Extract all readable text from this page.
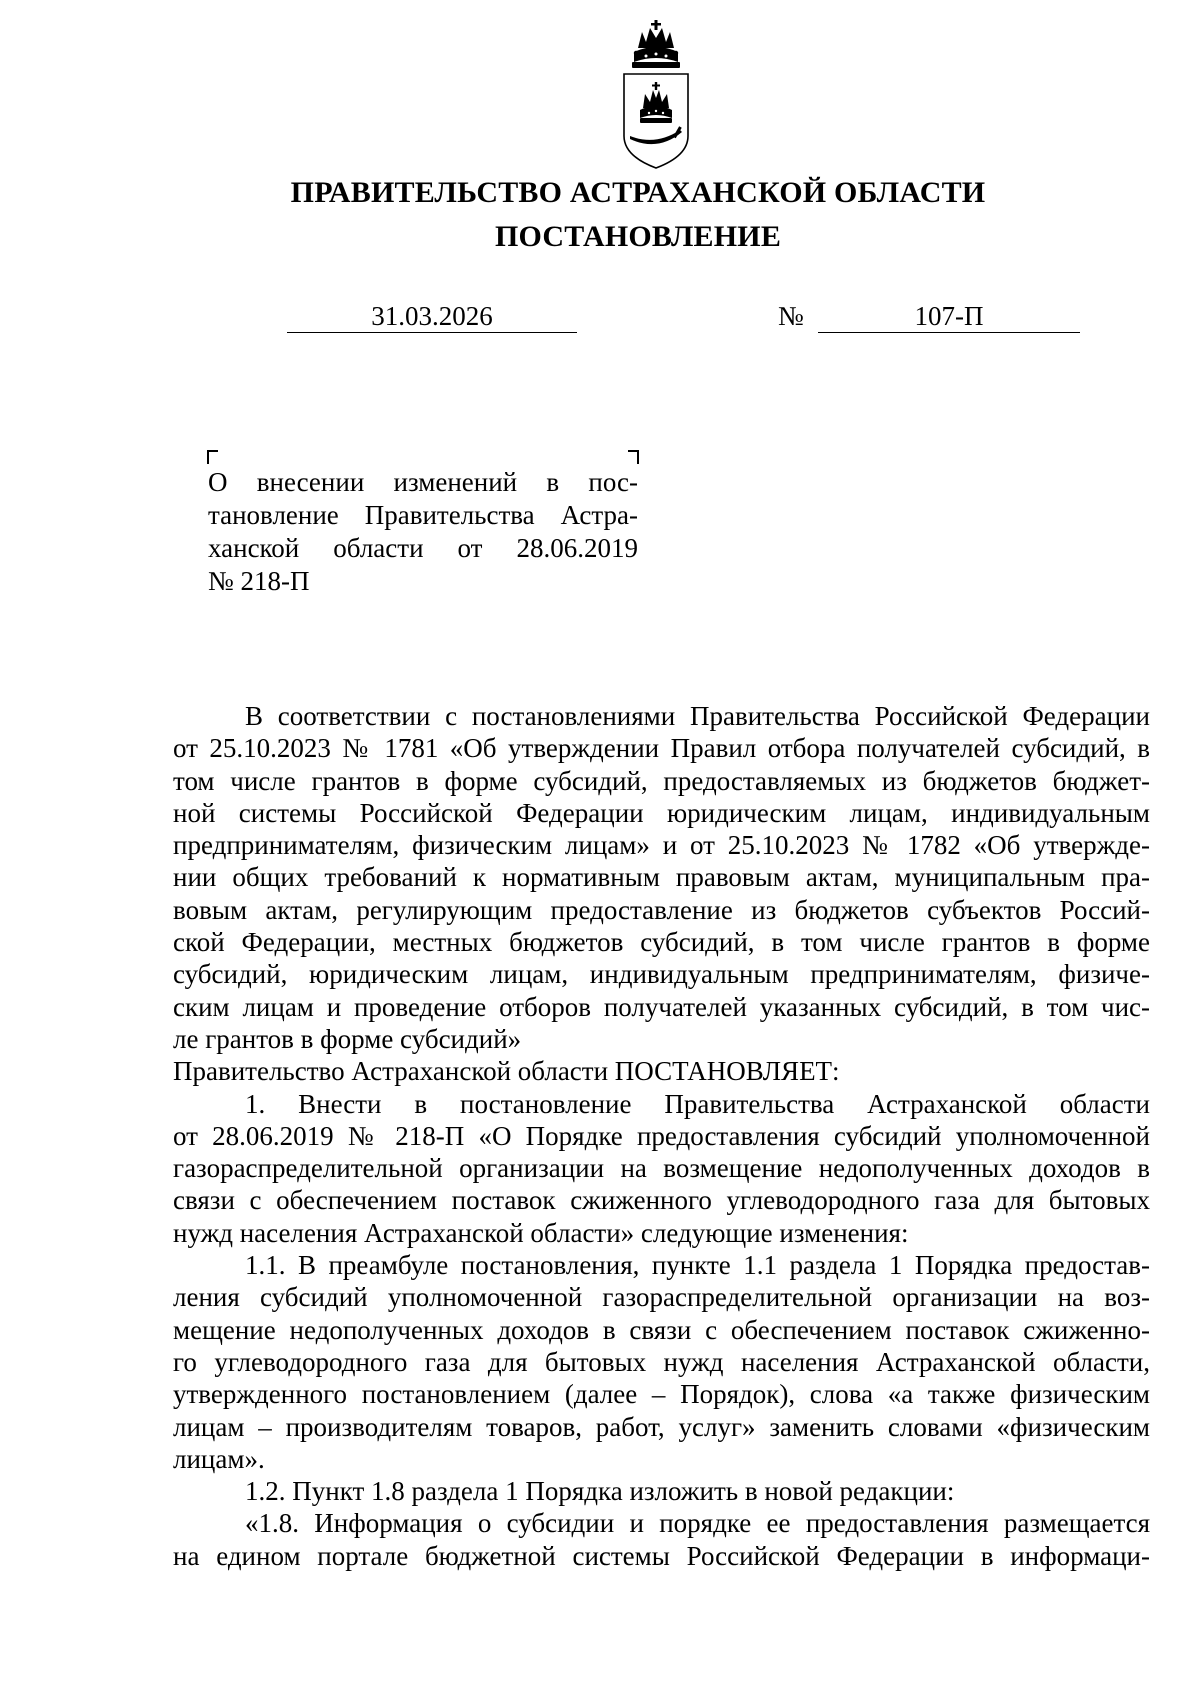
ПРАВИТЕЛЬСТВО АСТРАХАНСКОЙ ОБЛАСТИ
ПОСТАНОВЛЕНИЕ
31.03.2026	№	107-П
О внесении изменений в пос-
тановление Правительства Астра-
ханской области от 28.06.2019
№ 218-П
В соответствии с постановлениями Правительства Российской Федерации
от 25.10.2023 № 1781 «Об утверждении Правил отбора получателей субсидий, в
том числе грантов в форме субсидий, предоставляемых из бюджетов бюджет-
ной системы Российской Федерации юридическим лицам, индивидуальным
предпринимателям, физическим лицам» и от 25.10.2023 № 1782 «Об утвержде-
нии общих требований к нормативным правовым актам, муниципальным пра-
вовым актам, регулирующим предоставление из бюджетов субъектов Россий-
ской Федерации, местных бюджетов субсидий, в том числе грантов в форме
субсидий, юридическим лицам, индивидуальным предпринимателям, физиче-
ским лицам и проведение отборов получателей указанных субсидий, в том чис-
ле грантов в форме субсидий»
Правительство Астраханской области ПОСТАНОВЛЯЕТ:
1. Внести в постановление Правительства Астраханской области
от 28.06.2019 № 218-П «О Порядке предоставления субсидий уполномоченной
газораспределительной организации на возмещение недополученных доходов в
связи с обеспечением поставок сжиженного углеводородного газа для бытовых
нужд населения Астраханской области» следующие изменения:
1.1. В преамбуле постановления, пункте 1.1 раздела 1 Порядка предостав-
ления субсидий уполномоченной газораспределительной организации на воз-
мещение недополученных доходов в связи с обеспечением поставок сжиженно-
го углеводородного газа для бытовых нужд населения Астраханской области,
утвержденного постановлением (далее – Порядок), слова «а также физическим
лицам – производителям товаров, работ, услуг» заменить словами «физическим
лицам».
1.2. Пункт 1.8 раздела 1 Порядка изложить в новой редакции:
«1.8. Информация о субсидии и порядке ее предоставления размещается
на едином портале бюджетной системы Российской Федерации в информаци-
